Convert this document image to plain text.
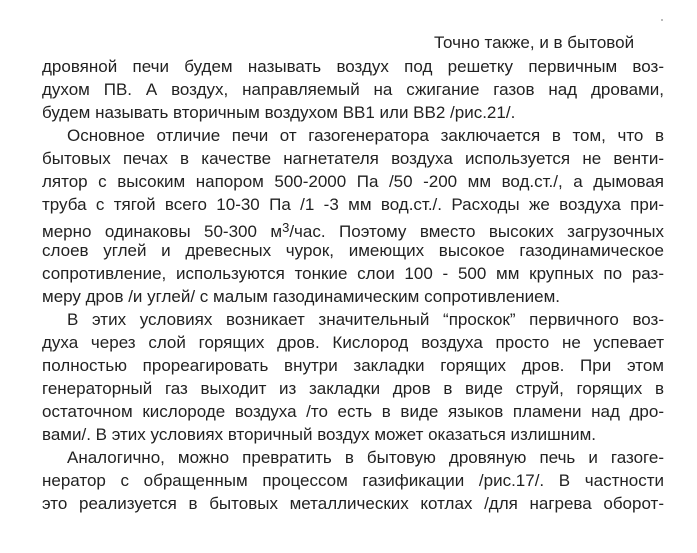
Точно также, и в бытовой
дровяной печи будем называть воздух под решетку первичным воз-
духом ПВ. А воздух, направляемый на сжигание газов над дровами,
будем называть вторичным воздухом ВВ1 или ВВ2 /рис.21/.
Основное отличие печи от газогенератора заключается в том, что в
бытовых печах в качестве нагнетателя воздуха используется не венти-
лятор с высоким напором 500-2000 Па /50 -200 мм вод.ст./, а дымовая
труба с тягой всего 10-30 Па /1 -3 мм вод.ст./. Расходы же воздуха при-
мерно одинаковы 50-300 $м^3$/час. Поэтому вместо высоких загрузочных
слоев углей и древесных чурок, имеющих высокое газодинамическое
сопротивление, используются тонкие слои 100 - 500 мм крупных по раз-
меру дров /и углей/ с малым газодинамическим сопротивлением.
В этих условиях возникает значительный “проскок” первичного воз-
духа через слой горящих дров. Кислород воздуха просто не успевает
полностью прореагировать внутри закладки горящих дров. При этом
генераторный газ выходит из закладки дров в виде струй, горящих в
остаточном кислороде воздуха /то есть в виде языков пламени над дро-
вами/. В этих условиях вторичный воздух может оказаться излишним.
Аналогично, можно превратить в бытовую дровяную печь и газоге-
нератор с обращенным процессом газификации /рис.17/. В частности
это реализуется в бытовых металлических котлах /для нагрева оборот-
